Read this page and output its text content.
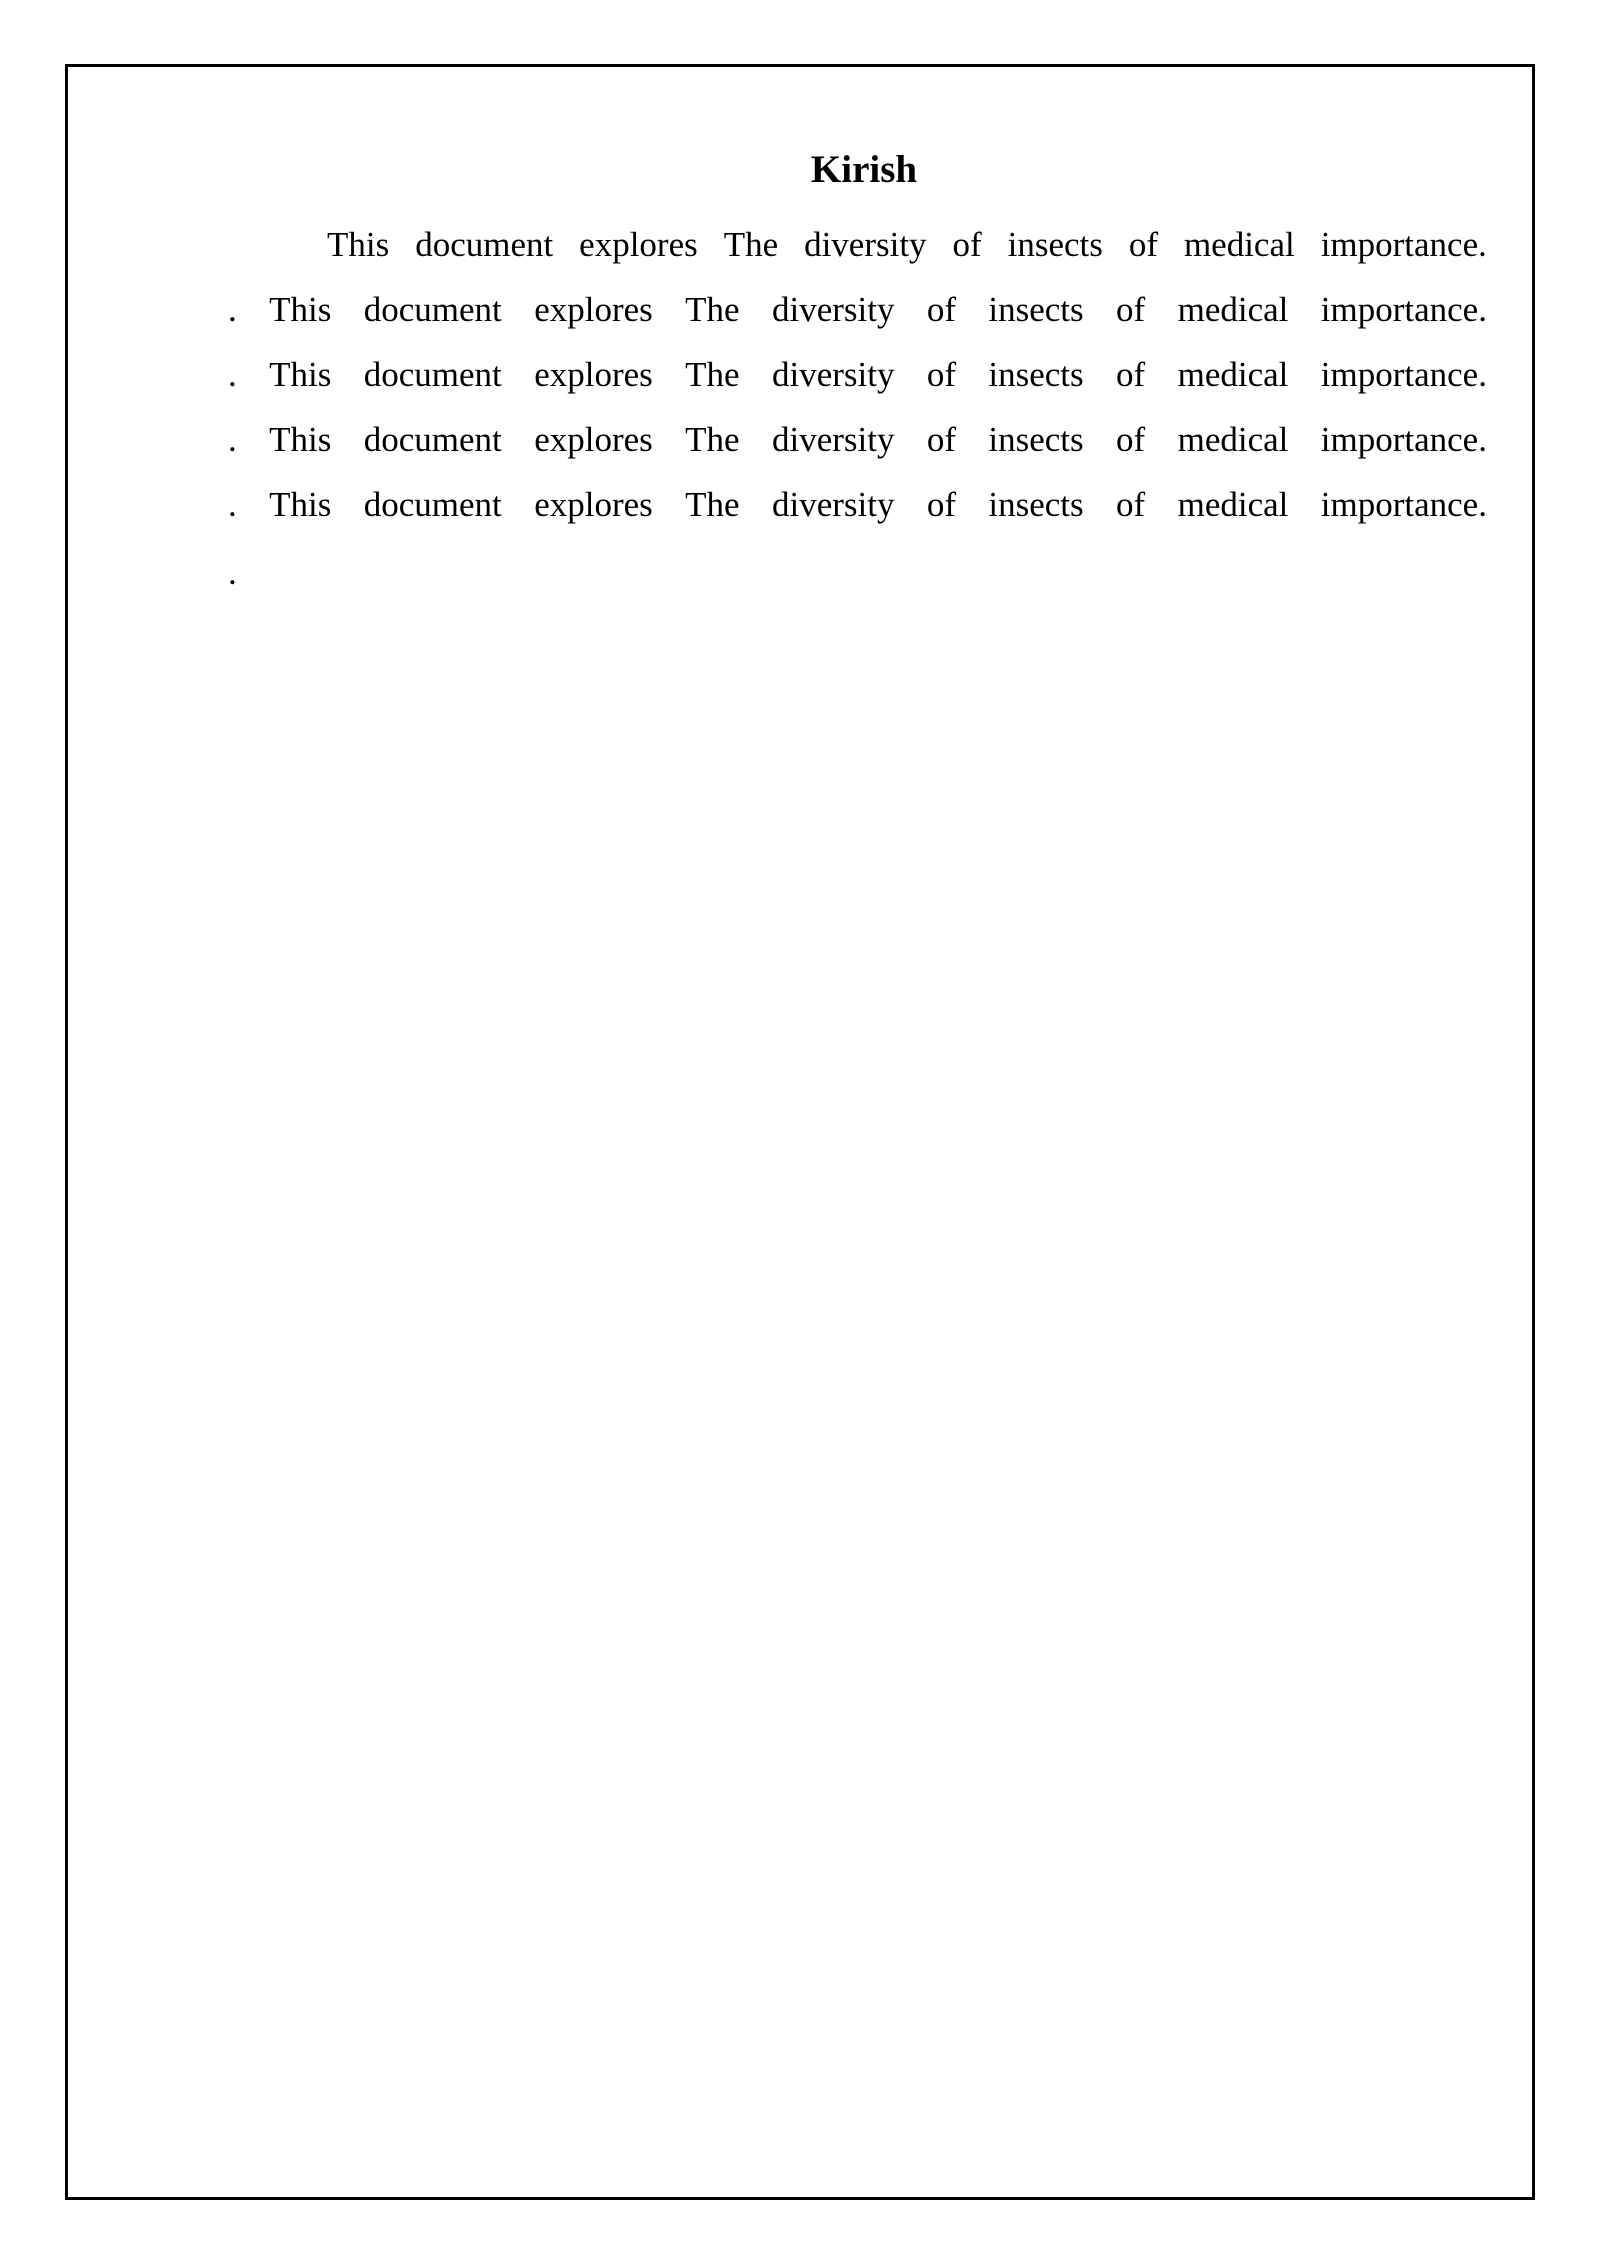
Kirish
This document explores The diversity of insects of medical importance.
. This document explores The diversity of insects of medical importance.
. This document explores The diversity of insects of medical importance.
. This document explores The diversity of insects of medical importance.
. This document explores The diversity of insects of medical importance.
.
